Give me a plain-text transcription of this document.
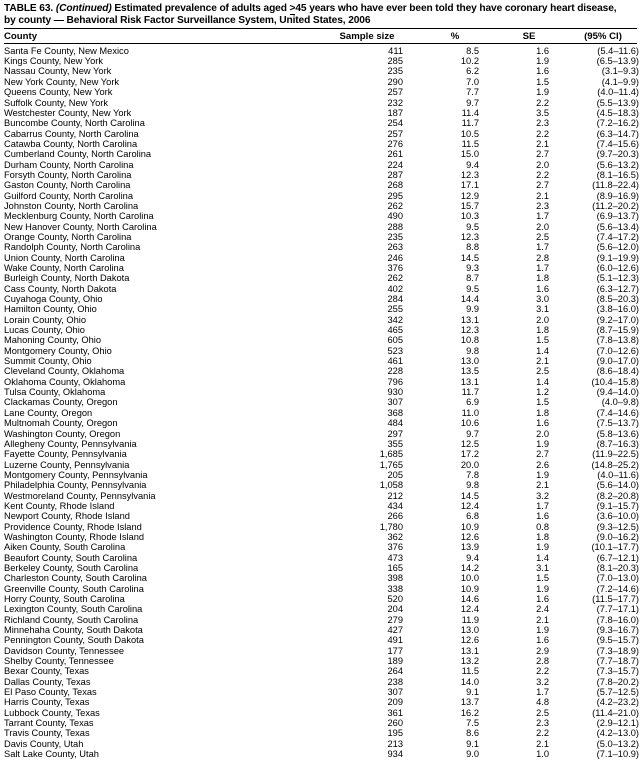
TABLE 63. (Continued) Estimated prevalence of adults aged >45 years who have ever been told they have coronary heart disease,
by county — Behavioral Risk Factor Surveillance System, United States, 2006
County	Sample size	%	SE	(95% CI)
Santa Fe County, New Mexico	411	8.5	1.6	(5.4–11.6)
Kings County, New York	285	10.2	1.9	(6.5–13.9)
Nassau County, New York	235	6.2	1.6	(3.1–9.3)
New York County, New York	290	7.0	1.5	(4.1–9.9)
Queens County, New York	257	7.7	1.9	(4.0–11.4)
Suffolk County, New York	232	9.7	2.2	(5.5–13.9)
Westchester County, New York	187	11.4	3.5	(4.5–18.3)
Buncombe County, North Carolina	254	11.7	2.3	(7.2–16.2)
Cabarrus County, North Carolina	257	10.5	2.2	(6.3–14.7)
Catawba County, North Carolina	276	11.5	2.1	(7.4–15.6)
Cumberland County, North Carolina	261	15.0	2.7	(9.7–20.3)
Durham County, North Carolina	224	9.4	2.0	(5.6–13.2)
Forsyth County, North Carolina	287	12.3	2.2	(8.1–16.5)
Gaston County, North Carolina	268	17.1	2.7	(11.8–22.4)
Guilford County, North Carolina	295	12.9	2.1	(8.9–16.9)
Johnston County, North Carolina	262	15.7	2.3	(11.2–20.2)
Mecklenburg County, North Carolina	490	10.3	1.7	(6.9–13.7)
New Hanover County, North Carolina	288	9.5	2.0	(5.6–13.4)
Orange County, North Carolina	235	12.3	2.5	(7.4–17.2)
Randolph County, North Carolina	263	8.8	1.7	(5.6–12.0)
Union County, North Carolina	246	14.5	2.8	(9.1–19.9)
Wake County, North Carolina	376	9.3	1.7	(6.0–12.6)
Burleigh County, North Dakota	262	8.7	1.8	(5.1–12.3)
Cass County, North Dakota	402	9.5	1.6	(6.3–12.7)
Cuyahoga County, Ohio	284	14.4	3.0	(8.5–20.3)
Hamilton County, Ohio	255	9.9	3.1	(3.8–16.0)
Lorain County, Ohio	342	13.1	2.0	(9.2–17.0)
Lucas County, Ohio	465	12.3	1.8	(8.7–15.9)
Mahoning County, Ohio	605	10.8	1.5	(7.8–13.8)
Montgomery County, Ohio	523	9.8	1.4	(7.0–12.6)
Summit County, Ohio	461	13.0	2.1	(9.0–17.0)
Cleveland County, Oklahoma	228	13.5	2.5	(8.6–18.4)
Oklahoma County, Oklahoma	796	13.1	1.4	(10.4–15.8)
Tulsa County, Oklahoma	930	11.7	1.2	(9.4–14.0)
Clackamas County, Oregon	307	6.9	1.5	(4.0–9.8)
Lane County, Oregon	368	11.0	1.8	(7.4–14.6)
Multnomah County, Oregon	484	10.6	1.6	(7.5–13.7)
Washington County, Oregon	297	9.7	2.0	(5.8–13.6)
Allegheny County, Pennsylvania	355	12.5	1.9	(8.7–16.3)
Fayette County, Pennsylvania	1,685	17.2	2.7	(11.9–22.5)
Luzerne County, Pennsylvania	1,765	20.0	2.6	(14.8–25.2)
Montgomery County, Pennsylvania	205	7.8	1.9	(4.0–11.6)
Philadelphia County, Pennsylvania	1,058	9.8	2.1	(5.6–14.0)
Westmoreland County, Pennsylvania	212	14.5	3.2	(8.2–20.8)
Kent County, Rhode Island	434	12.4	1.7	(9.1–15.7)
Newport County, Rhode Island	266	6.8	1.6	(3.6–10.0)
Providence County, Rhode Island	1,780	10.9	0.8	(9.3–12.5)
Washington County, Rhode Island	362	12.6	1.8	(9.0–16.2)
Aiken County, South Carolina	376	13.9	1.9	(10.1–17.7)
Beaufort County, South Carolina	473	9.4	1.4	(6.7–12.1)
Berkeley County, South Carolina	165	14.2	3.1	(8.1–20.3)
Charleston County, South Carolina	398	10.0	1.5	(7.0–13.0)
Greenville County, South Carolina	338	10.9	1.9	(7.2–14.6)
Horry County, South Carolina	520	14.6	1.6	(11.5–17.7)
Lexington County, South Carolina	204	12.4	2.4	(7.7–17.1)
Richland County, South Carolina	279	11.9	2.1	(7.8–16.0)
Minnehaha County, South Dakota	427	13.0	1.9	(9.3–16.7)
Pennington County, South Dakota	491	12.6	1.6	(9.5–15.7)
Davidson County, Tennessee	177	13.1	2.9	(7.3–18.9)
Shelby County, Tennessee	189	13.2	2.8	(7.7–18.7)
Bexar County, Texas	264	11.5	2.2	(7.3–15.7)
Dallas County, Texas	238	14.0	3.2	(7.8–20.2)
El Paso County, Texas	307	9.1	1.7	(5.7–12.5)
Harris County, Texas	209	13.7	4.8	(4.2–23.2)
Lubbock County, Texas	361	16.2	2.5	(11.4–21.0)
Tarrant County, Texas	260	7.5	2.3	(2.9–12.1)
Travis County, Texas	195	8.6	2.2	(4.2–13.0)
Davis County, Utah	213	9.1	2.1	(5.0–13.2)
Salt Lake County, Utah	934	9.0	1.0	(7.1–10.9)
